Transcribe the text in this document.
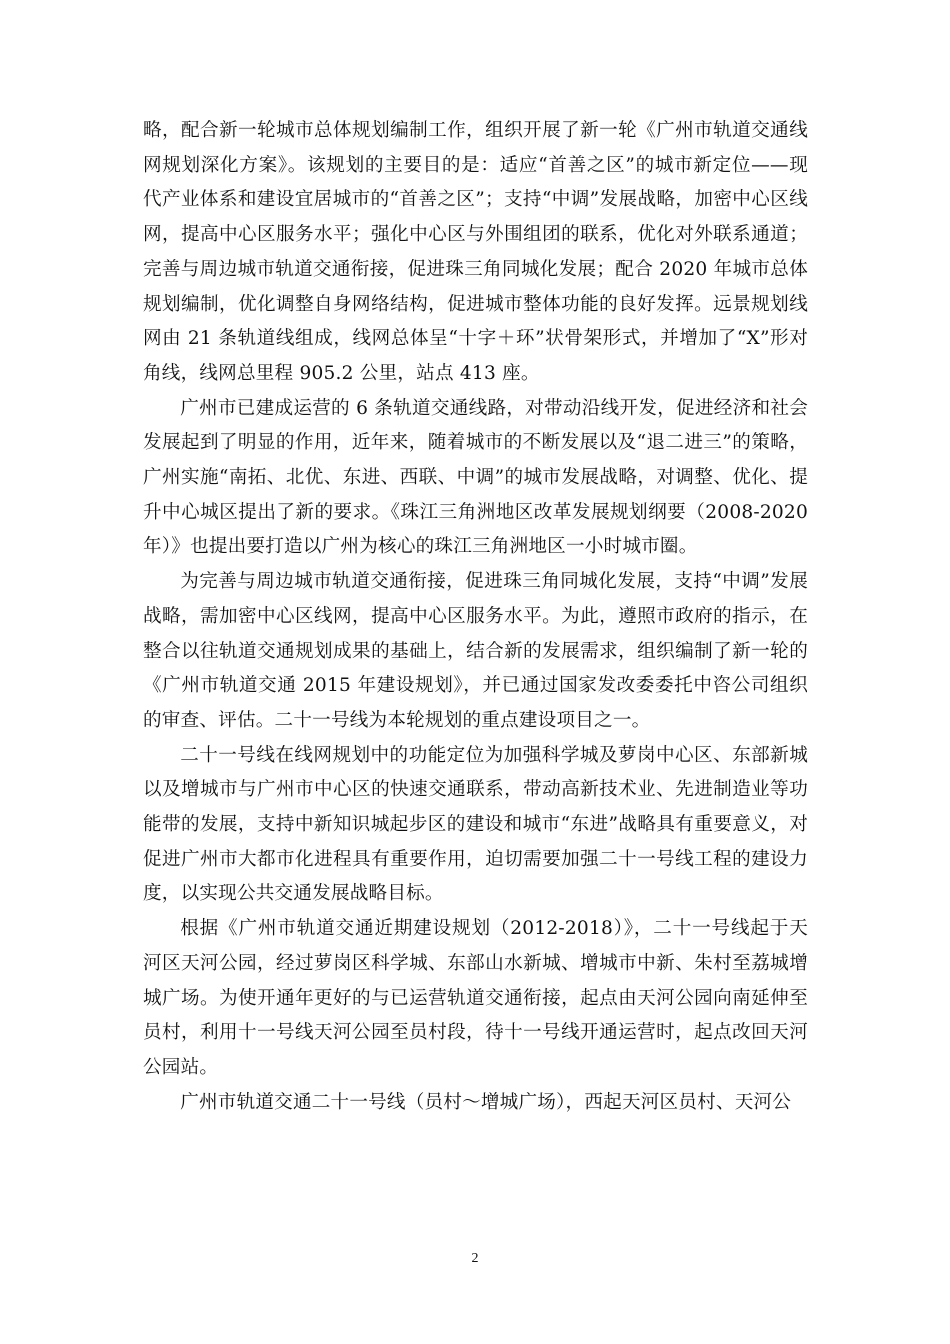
略，配合新一轮城市总体规划编制工作，组织开展了新一轮《广州市轨道交通线网规划深化方案》。该规划的主要目的是：适应“首善之区”的城市新定位——现代产业体系和建设宜居城市的“首善之区”；支持“中调”发展战略，加密中心区线网，提高中心区服务水平；强化中心区与外围组团的联系，优化对外联系通道；完善与周边城市轨道交通衔接，促进珠三角同城化发展；配合 2020 年城市总体规划编制，优化调整自身网络结构，促进城市整体功能的良好发挥。远景规划线网由 21 条轨道线组成，线网总体呈“十字＋环”状骨架形式，并增加了“X”形对角线，线网总里程 905.2 公里，站点 413 座。

广州市已建成运营的 6 条轨道交通线路，对带动沿线开发，促进经济和社会发展起到了明显的作用，近年来，随着城市的不断发展以及“退二进三”的策略，广州实施“南拓、北优、东进、西联、中调”的城市发展战略，对调整、优化、提升中心城区提出了新的要求。《珠江三角洲地区改革发展规划纲要（2008-2020年）》也提出要打造以广州为核心的珠江三角洲地区一小时城市圈。

为完善与周边城市轨道交通衔接，促进珠三角同城化发展，支持“中调”发展战略，需加密中心区线网，提高中心区服务水平。为此，遵照市政府的指示，在整合以往轨道交通规划成果的基础上，结合新的发展需求，组织编制了新一轮的《广州市轨道交通 2015 年建设规划》，并已通过国家发改委委托中咨公司组织的审查、评估。二十一号线为本轮规划的重点建设项目之一。

二十一号线在线网规划中的功能定位为加强科学城及萝岗中心区、东部新城以及增城市与广州市中心区的快速交通联系，带动高新技术业、先进制造业等功能带的发展，支持中新知识城起步区的建设和城市“东进”战略具有重要意义，对促进广州市大都市化进程具有重要作用，迫切需要加强二十一号线工程的建设力度，以实现公共交通发展战略目标。

根据《广州市轨道交通近期建设规划（2012-2018）》，二十一号线起于天河区天河公园，经过萝岗区科学城、东部山水新城、增城市中新、朱村至荔城增城广场。为使开通年更好的与已运营轨道交通衔接，起点由天河公园向南延伸至员村，利用十一号线天河公园至员村段，待十一号线开通运营时，起点改回天河公园站。

广州市轨道交通二十一号线（员村～增城广场），西起天河区员村、天河公

2
